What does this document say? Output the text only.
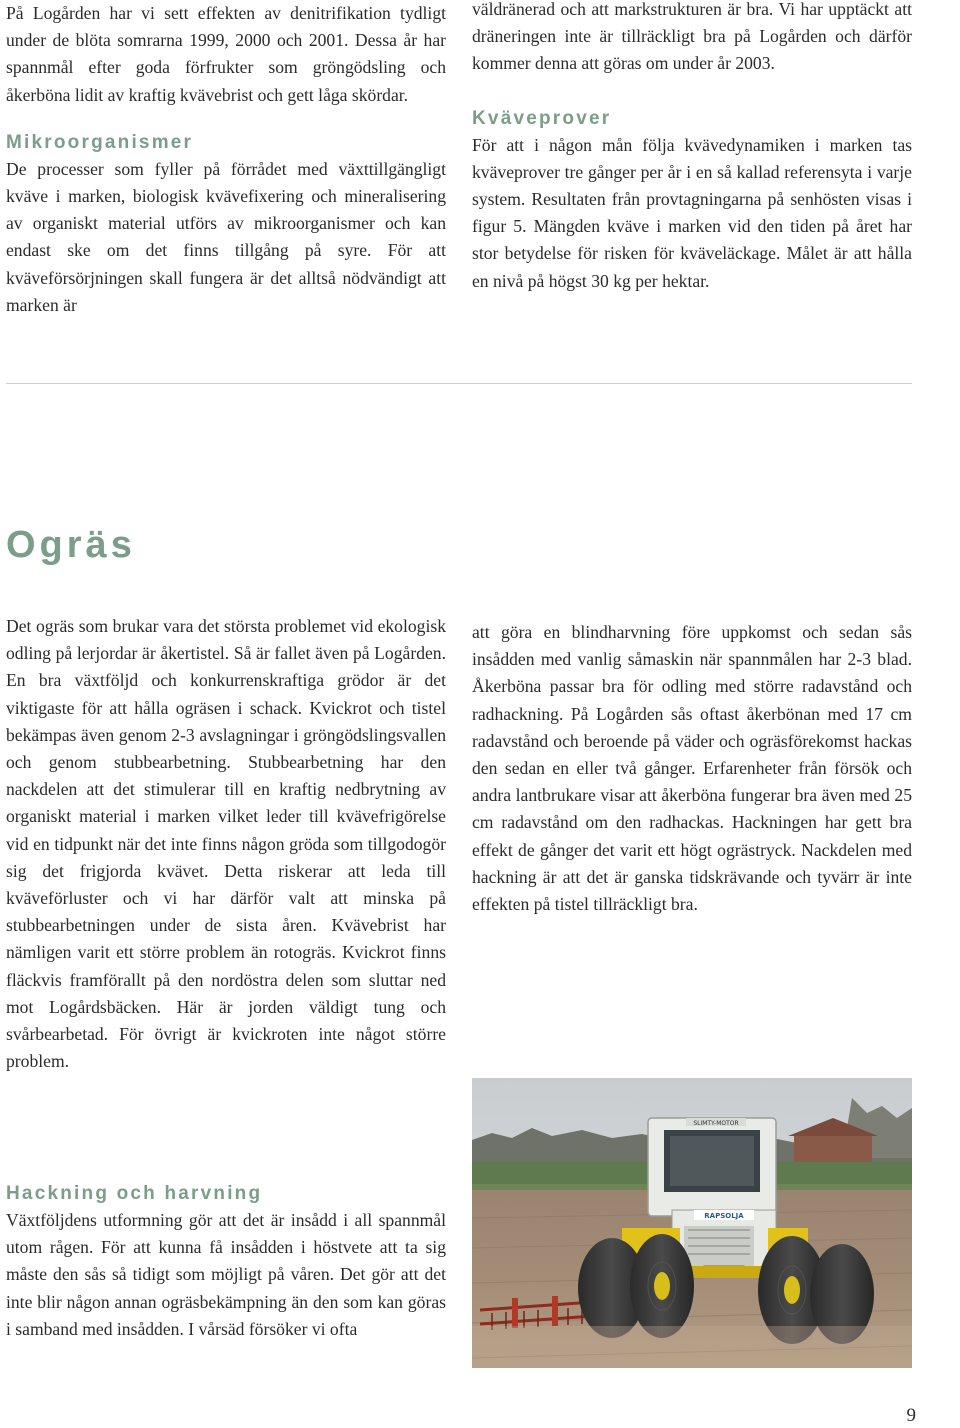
På Logården har vi sett effekten av denitrifikation tydligt under de blöta somrarna 1999, 2000 och 2001. Dessa år har spannmål efter goda förfrukter som gröngödsling och åkerböna lidit av kraftig kvävebrist och gett låga skördar.

Mikroorganismer

De processer som fyller på förrådet med växttillgängligt kväve i marken, biologisk kvävefixering och mineralisering av organiskt material utförs av mikroorganismer och kan endast ske om det finns tillgång på syre. För att kväveförsörjningen skall fungera är det alltså nödvändigt att marken är

väldränerad och att markstrukturen är bra. Vi har upptäckt att dräneringen inte är tillräckligt bra på Logården och därför kommer denna att göras om under år 2003.

Kväveprover

För att i någon mån följa kvävedynamiken i marken tas kväveprover tre gånger per år i en så kallad referensyta i varje system. Resultaten från provtagningarna på senhösten visas i figur 5. Mängden kväve i marken vid den tiden på året har stor betydelse för risken för kväveläckage. Målet är att hålla en nivå på högst 30 kg per hektar.

Ogräs

Det ogräs som brukar vara det största problemet vid ekologisk odling på lerjordar är åkertistel. Så är fallet även på Logården. En bra växtföljd och konkurrenskraftiga grödor är det viktigaste för att hålla ogräsen i schack. Kvickrot och tistel bekämpas även genom 2-3 avslagningar i gröngödslingsvallen och genom stubbearbetning. Stubbearbetning har den nackdelen att det stimulerar till en kraftig nedbrytning av organiskt material i marken vilket leder till kvävefrigörelse vid en tidpunkt när det inte finns någon gröda som tillgodogör sig det frigjorda kvävet. Detta riskerar att leda till kväveförluster och vi har därför valt att minska på stubbearbetningen under de sista åren. Kvävebrist har nämligen varit ett större problem än rotogräs. Kvickrot finns fläckvis framförallt på den nordöstra delen som sluttar ned mot Logårdsbäcken. Här är jorden väldigt tung och svårbearbetad. För övrigt är kvickroten inte något större problem.

att göra en blindharvning före uppkomst och sedan sås insådden med vanlig såmaskin när spannmålen har 2-3 blad. Åkerböna passar bra för odling med större radavstånd och radhackning. På Logården sås oftast åkerbönan med 17 cm radavstånd och beroende på väder och ogräsförekomst hackas den sedan en eller två gånger. Erfarenheter från försök och andra lantbrukare visar att åkerböna fungerar bra även med 25 cm radavstånd om den radhackas. Hackningen har gett bra effekt de gånger det varit ett högt ogrästryck. Nackdelen med hackning är att det är ganska tidskrävande och tyvärr är inte effekten på tistel tillräckligt bra.

Hackning och harvning

Växtföljdens utformning gör att det är insådd i all spannmål utom rågen. För att kunna få insådden i höstvete att ta sig måste den sås så tidigt som möjligt på våren. Det gör att det inte blir någon annan ogräsbekämpning än den som kan göras i samband med insådden. I vårsäd försöker vi ofta

SLIMTY-MOTOR
RAPSOLJA
9
